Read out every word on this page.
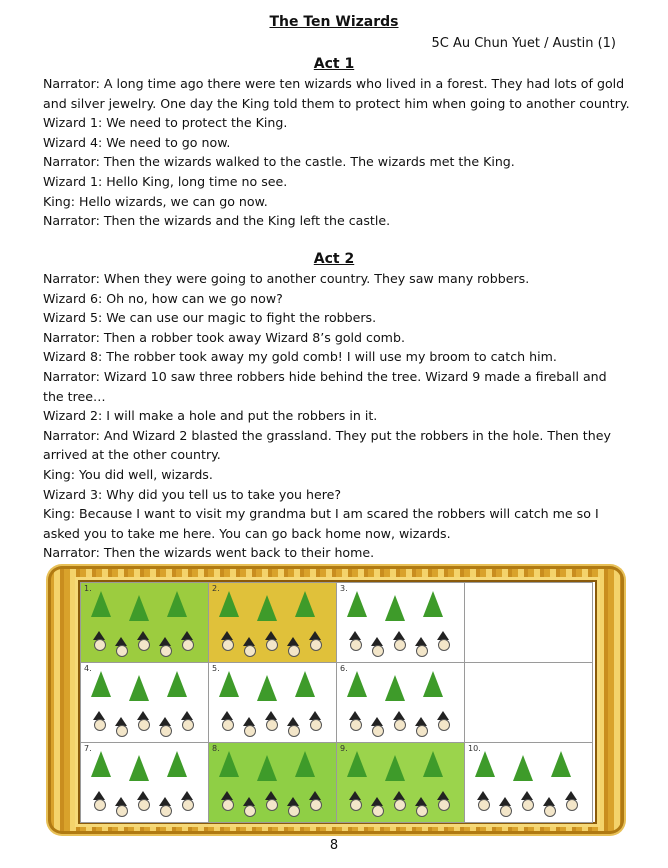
The Ten Wizards
5C Au Chun Yuet / Austin (1)
Act 1
Narrator: A long time ago there were ten wizards who lived in a forest. They had lots of gold
and silver jewelry. One day the King told them to protect him when going to another country.
Wizard 1: We need to protect the King.
Wizard 4: We need to go now.
Narrator: Then the wizards walked to the castle. The wizards met the King.
Wizard 1: Hello King, long time no see.
King: Hello wizards, we can go now.
Narrator: Then the wizards and the King left the castle.
Act 2
Narrator: When they were going to another country. They saw many robbers.
Wizard 6: Oh no, how can we go now?
Wizard 5: We can use our magic to fight the robbers.
Narrator: Then a robber took away Wizard 8’s gold comb.
Wizard 8: The robber took away my gold comb! I will use my broom to catch him.
Narrator: Wizard 10 saw three robbers hide behind the tree. Wizard 9 made a fireball and
the tree…
Wizard 2: I will make a hole and put the robbers in it.
Narrator: And Wizard 2 blasted the grassland. They put the robbers in the hole. Then they
arrived at the other country.
King: You did well, wizards.
Wizard 3: Why did you tell us to take you here?
King: Because I want to visit my grandma but I am scared the robbers will catch me so I
asked you to take me here. You can go back home now, wizards.
Narrator: Then the wizards went back to their home.
1.	2.	3.
4.	5.	6.
7.	8.	9.	10.
8
